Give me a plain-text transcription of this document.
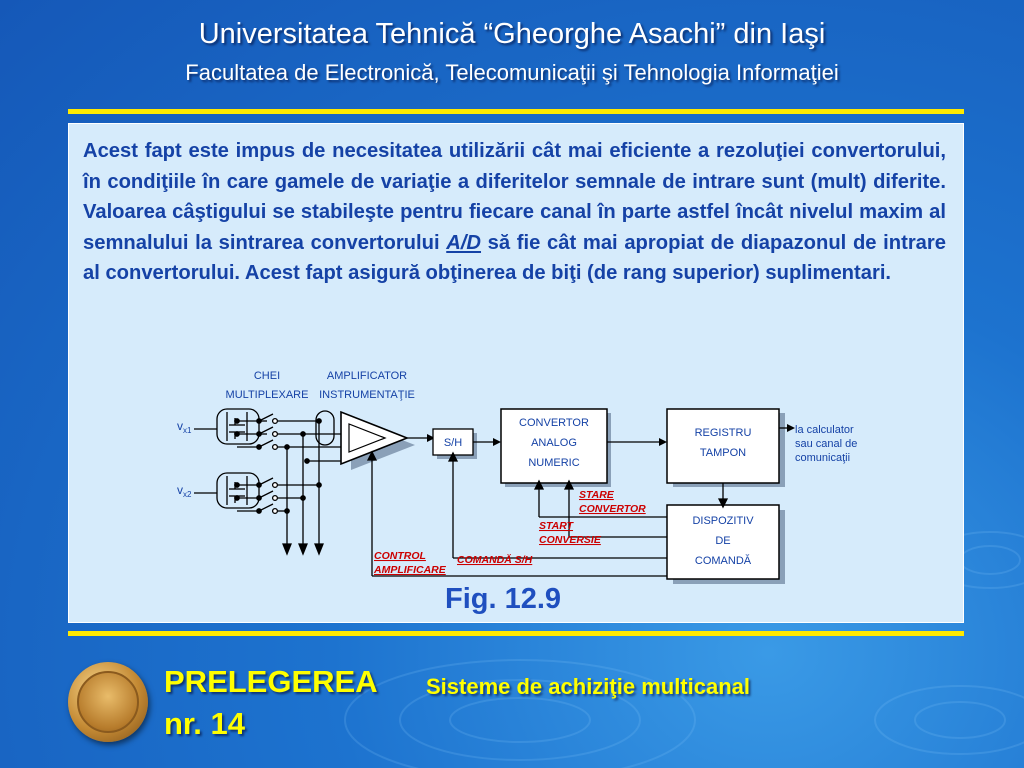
Universitatea Tehnică “Gheorghe Asachi” din Iaşi
Facultatea de Electronică, Telecomunicaţii şi Tehnologia Informaţiei

Acest fapt este impus de necesitatea utilizării cât mai eficiente a rezoluţiei convertorului, în condiţiile în care gamele de variaţie a diferitelor semnale de intrare sunt (mult) diferite. Valoarea câştigului se stabileşte pentru fiecare canal în parte astfel încât nivelul maxim al semnalului la sintrarea convertorului A/D să fie cât mai apropiat de diapazonul de intrare al convertorului. Acest fapt asigură obţinerea de biţi (de rang superior) suplimentari.

CHEI
MULTIPLEXARE
AMPLIFICATOR
INSTRUMENTAŢIE
CONVERTOR
ANALOG
NUMERIC
REGISTRU
TAMPON
DISPOZITIV
DE
COMANDĂ
la calculator
sau canal de
comunicaţii
S/H
$v_{x1}$
$v_{x2}$	STARE
CONVERTOR
START
CONVERSIE
CONTROL
AMPLIFICARE
COMANDĂ S/H
Fig. 12.9
PRELEGEREA Sisteme de achiziţie multicanal
nr. 14
